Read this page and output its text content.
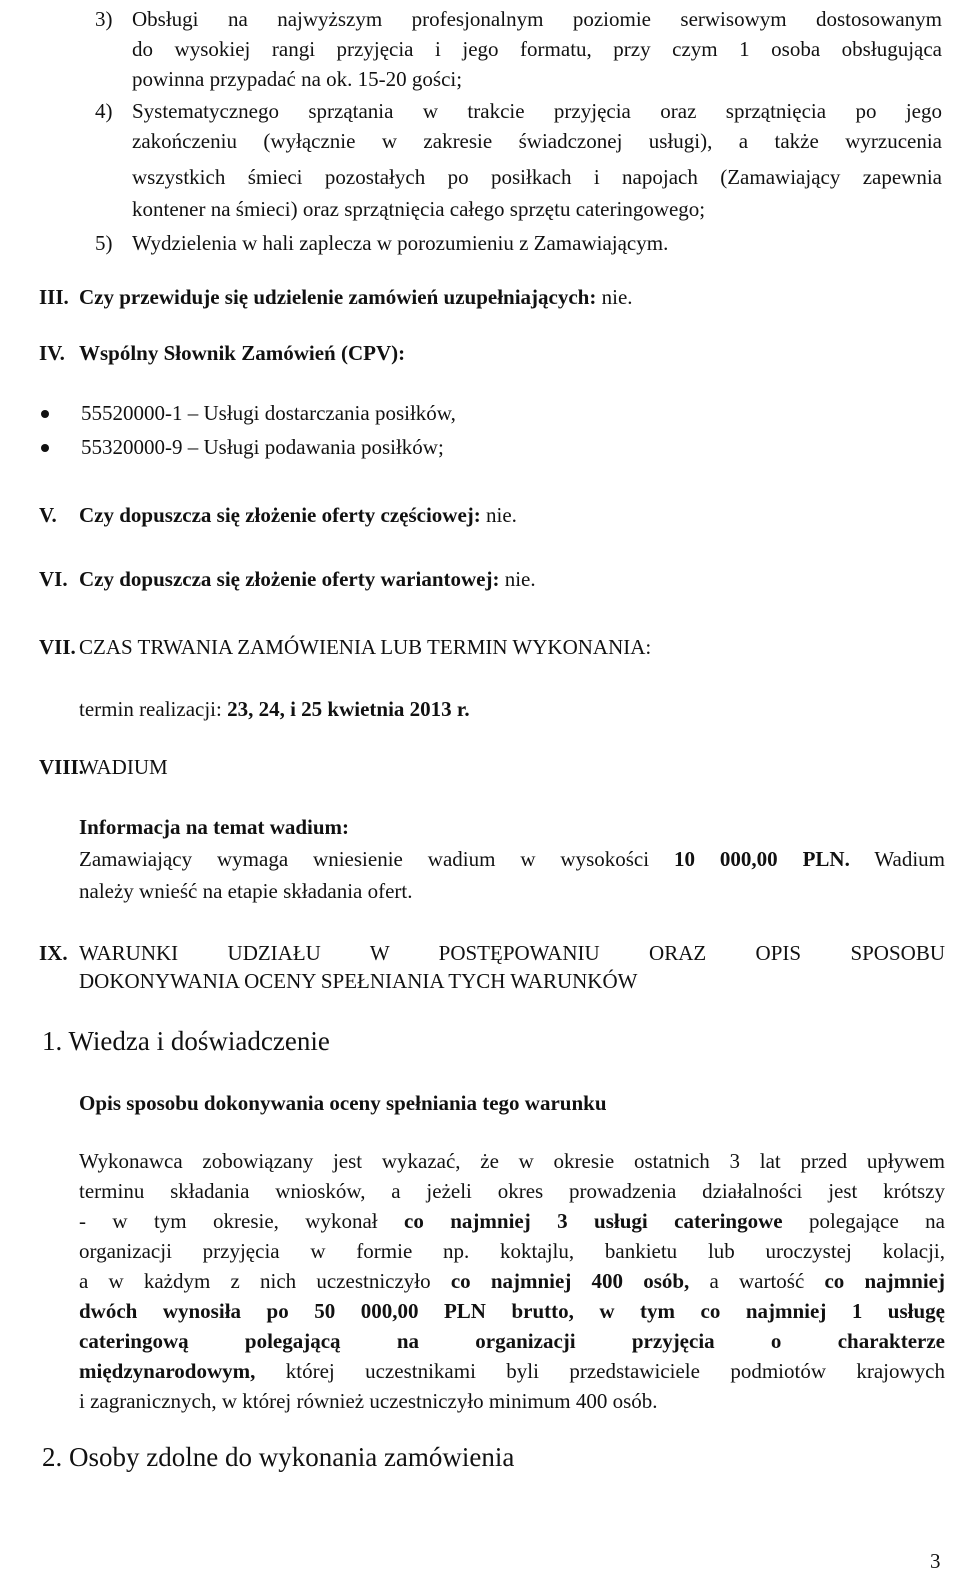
3) Obsługi na najwyższym profesjonalnym poziomie serwisowym dostosowanym
do wysokiej rangi przyjęcia i jego formatu, przy czym 1 osoba obsługująca
powinna przypadać na ok. 15-20 gości;
4) Systematycznego sprzątania w trakcie przyjęcia oraz sprzątnięcia po jego
zakończeniu (wyłącznie w zakresie świadczonej usługi), a także wyrzucenia
wszystkich śmieci pozostałych po posiłkach i napojach (Zamawiający zapewnia
kontener na śmieci) oraz sprzątnięcia całego sprzętu cateringowego;
5) Wydzielenia w hali zaplecza w porozumieniu z Zamawiającym.
III. Czy przewiduje się udzielenie zamówień uzupełniających: nie.
IV. Wspólny Słownik Zamówień (CPV):
55520000-1 – Usługi dostarczania posiłków,
55320000-9 – Usługi podawania posiłków;
V. Czy dopuszcza się złożenie oferty częściowej: nie.
VI. Czy dopuszcza się złożenie oferty wariantowej: nie.
VII. CZAS TRWANIA ZAMÓWIENIA LUB TERMIN WYKONANIA:
termin realizacji: 23, 24, i 25 kwietnia 2013 r.
VIII.
WADIUM
Informacja na temat wadium:
Zamawiający wymaga wniesienie wadium w wysokości 10 000,00 PLN. Wadium
należy wnieść na etapie składania ofert.
IX. WARUNKI UDZIAŁU W POSTĘPOWANIU ORAZ OPIS SPOSOBU
DOKONYWANIA OCENY SPEŁNIANIA TYCH WARUNKÓW
1. Wiedza i doświadczenie
Opis sposobu dokonywania oceny spełniania tego warunku
Wykonawca zobowiązany jest wykazać, że w okresie ostatnich 3 lat przed upływem
terminu składania wniosków, a jeżeli okres prowadzenia działalności jest krótszy
- w tym okresie, wykonał co najmniej 3 usługi cateringowe polegające na
organizacji przyjęcia w formie np. koktajlu, bankietu lub uroczystej kolacji,
a w każdym z nich uczestniczyło co najmniej 400 osób, a wartość co najmniej
dwóch wynosiła po 50 000,00 PLN brutto, w tym co najmniej 1 usługę
cateringową polegającą na organizacji przyjęcia o charakterze
międzynarodowym, której uczestnikami byli przedstawiciele podmiotów krajowych
i zagranicznych, w której również uczestniczyło minimum 400 osób.
2. Osoby zdolne do wykonania zamówienia
3
